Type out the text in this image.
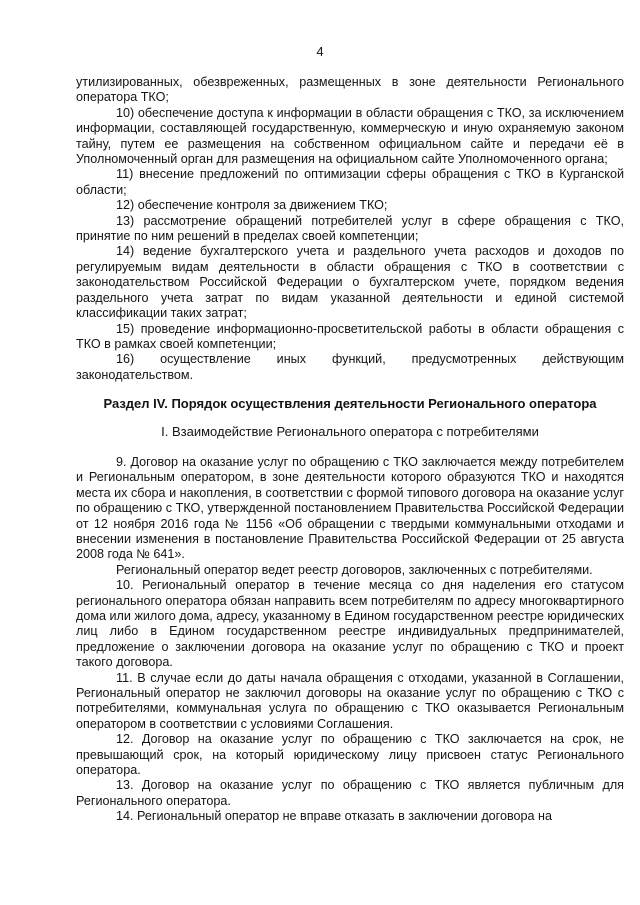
4

утилизированных, обезвреженных, размещенных в зоне деятельности Регионального оператора ТКО;

10) обеспечение доступа к информации в области обращения с ТКО, за исключением информации, составляющей государственную, коммерческую и иную охраняемую законом тайну, путем ее размещения на собственном официальном сайте и передачи её в Уполномоченный орган для размещения на официальном сайте Уполномоченного органа;

11) внесение предложений по оптимизации сферы обращения с ТКО в Курганской области;

12) обеспечение контроля за движением ТКО;

13) рассмотрение обращений потребителей услуг в сфере обращения с ТКО, принятие по ним решений в пределах своей компетенции;

14) ведение бухгалтерского учета и раздельного учета расходов и доходов по регулируемым видам деятельности в области обращения с ТКО в соответствии с законодательством Российской Федерации о бухгалтерском учете, порядком ведения раздельного учета затрат по видам указанной деятельности и единой системой классификации таких затрат;

15) проведение информационно-просветительской работы в области обращения с ТКО в рамках своей компетенции;

16) осуществление иных функций, предусмотренных действующим законодательством.

Раздел IV. Порядок осуществления деятельности Регионального оператора
I. Взаимодействие Регионального оператора с потребителями

9. Договор на оказание услуг по обращению с ТКО заключается между потребителем и Региональным оператором, в зоне деятельности которого образуются ТКО и находятся места их сбора и накопления, в соответствии с формой типового договора на оказание услуг по обращению с ТКО, утвержденной постановлением Правительства Российской Федерации от 12 ноября 2016 года № 1156 «Об обращении с твердыми коммунальными отходами и внесении изменения в постановление Правительства Российской Федерации от 25 августа 2008 года № 641».

Региональный оператор ведет реестр договоров, заключенных с потребителями.

10. Региональный оператор в течение месяца со дня наделения его статусом регионального оператора обязан направить всем потребителям по адресу многоквартирного дома или жилого дома, адресу, указанному в Едином государственном реестре юридических лиц либо в Едином государственном реестре индивидуальных предпринимателей, предложение о заключении договора на оказание услуг по обращению с ТКО и проект такого договора.

11. В случае если до даты начала обращения с отходами, указанной в Соглашении, Региональный оператор не заключил договоры на оказание услуг по обращению с ТКО с потребителями, коммунальная услуга по обращению с ТКО оказывается Региональным оператором в соответствии с условиями Соглашения.

12. Договор на оказание услуг по обращению с ТКО заключается на срок, не превышающий срок, на который юридическому лицу присвоен статус Регионального оператора.

13. Договор на оказание услуг по обращению с ТКО является публичным для Регионального оператора.

14. Региональный оператор не вправе отказать в заключении договора на
